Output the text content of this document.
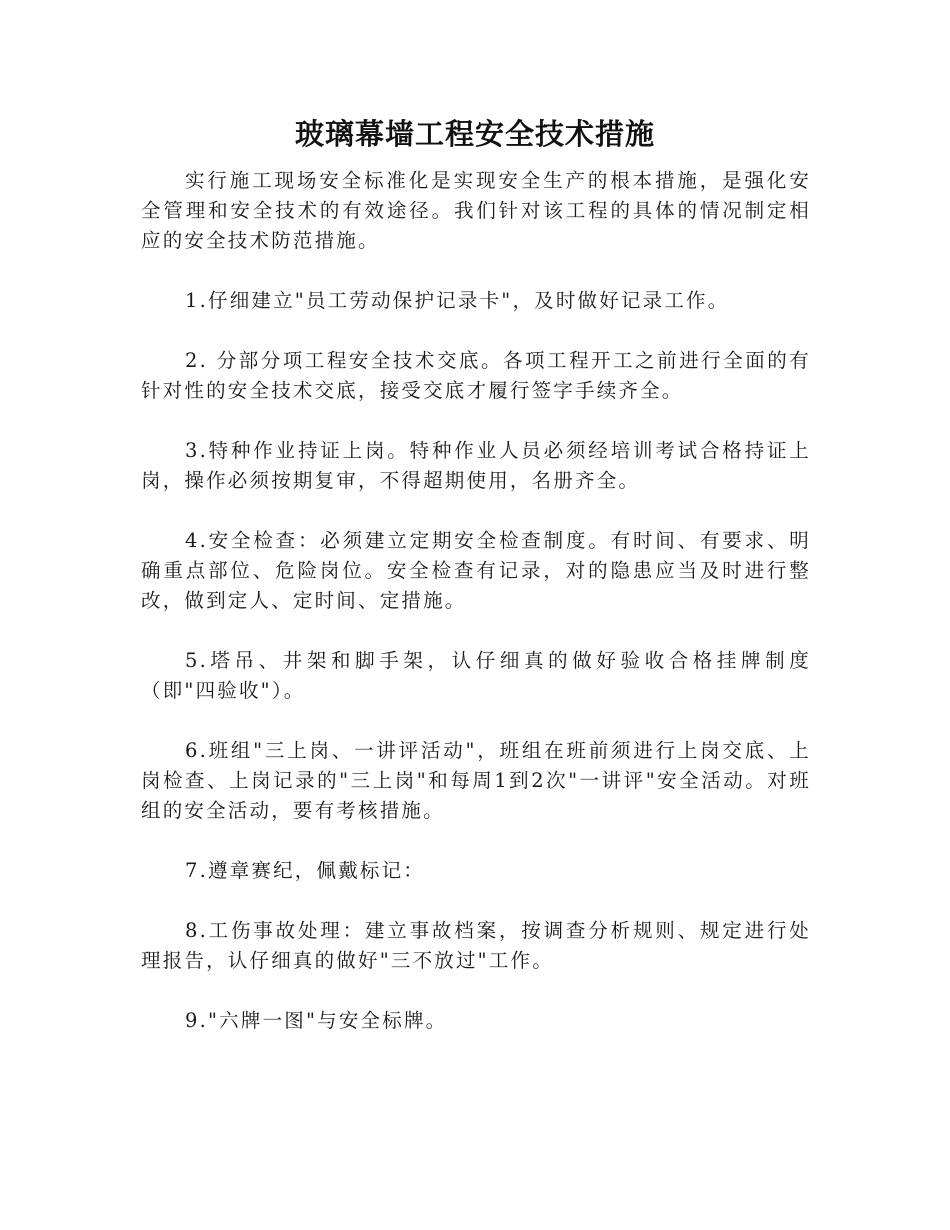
玻璃幕墙工程安全技术措施

实行施工现场安全标准化是实现安全生产的根本措施，是强化安全管理和安全技术的有效途径。我们针对该工程的具体的情况制定相应的安全技术防范措施。

1.仔细建立"员工劳动保护记录卡"，及时做好记录工作。

2. 分部分项工程安全技术交底。各项工程开工之前进行全面的有针对性的安全技术交底，接受交底才履行签字手续齐全。

3.特种作业持证上岗。特种作业人员必须经培训考试合格持证上岗，操作必须按期复审，不得超期使用，名册齐全。

4.安全检查：必须建立定期安全检查制度。有时间、有要求、明确重点部位、危险岗位。安全检查有记录，对的隐患应当及时进行整改，做到定人、定时间、定措施。

5.塔吊、井架和脚手架，认仔细真的做好验收合格挂牌制度（即"四验收"）。

6.班组"三上岗、一讲评活动"，班组在班前须进行上岗交底、上岗检查、上岗记录的"三上岗"和每周1到2次"一讲评"安全活动。对班组的安全活动，要有考核措施。

7.遵章赛纪，佩戴标记：

8.工伤事故处理：建立事故档案，按调查分析规则、规定进行处理报告，认仔细真的做好"三不放过"工作。

9."六牌一图"与安全标牌。
